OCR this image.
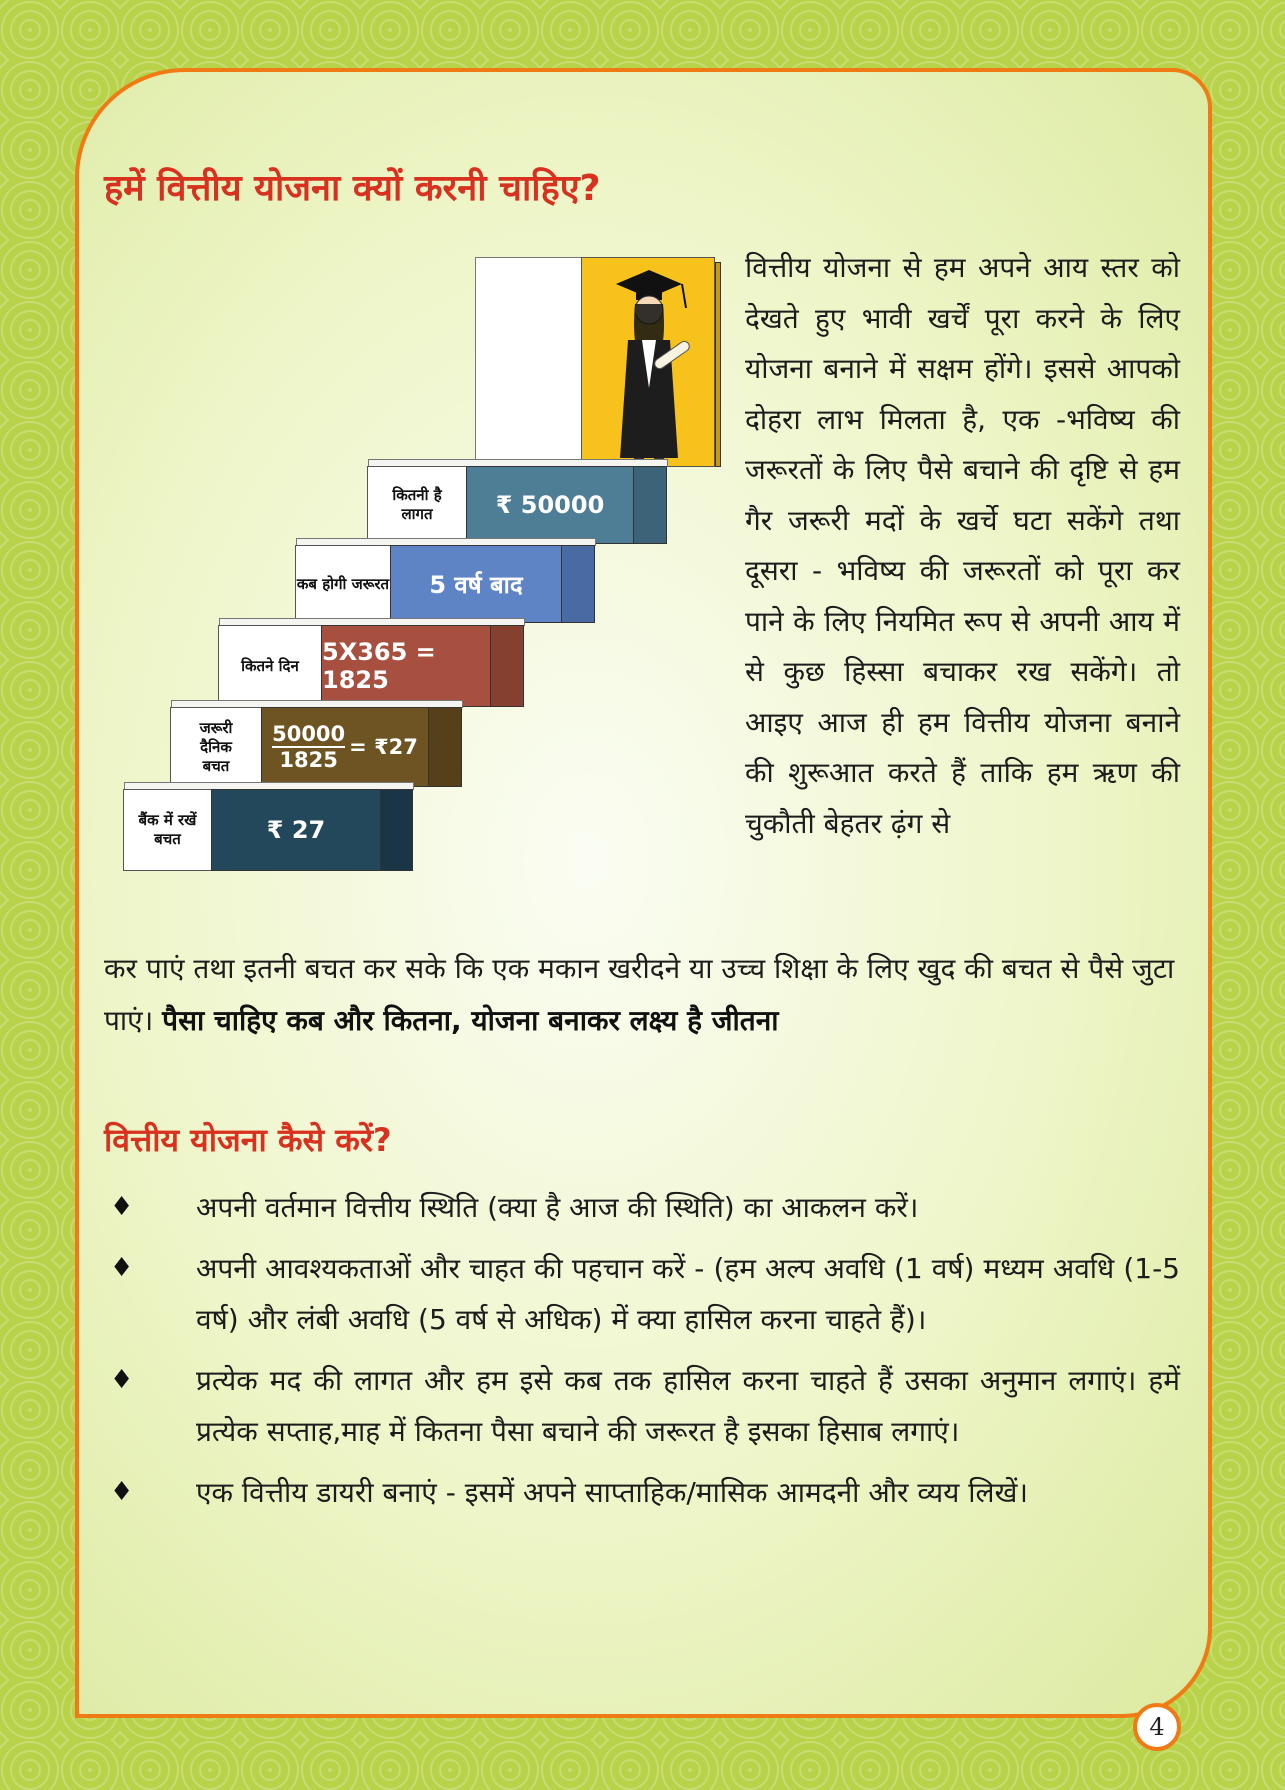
हमें वित्तीय योजना क्यों करनी चाहिए?
कितनी है लागत	₹ 50000
कब होगी जरूरत	5 वर्ष बाद
कितने दिन 5X365 = 1825
जरूरी दैनिक बचत	$\frac{50000}{1825}$ = ₹27
बैंक में रखें बचत	₹ 27

वित्तीय योजना से हम अपने आय स्तर को देखते हुए भावी खर्चें पूरा करने के लिए योजना बनाने में सक्षम होंगे। इससे आपको दोहरा लाभ मिलता है, एक -भविष्य की जरूरतों के लिए पैसे बचाने की दृष्टि से हम गैर जरूरी मदों के खर्चे घटा सकेंगे तथा दूसरा - भविष्य की जरूरतों को पूरा कर पाने के लिए नियमित रूप से अपनी आय में से कुछ हिस्सा बचाकर रख सकेंगे। तो आइए आज ही हम वित्तीय योजना बनाने की शुरूआत करते हैं ताकि हम ऋण की चुकौती बेहतर ढ़ंग से

कर पाएं तथा इतनी बचत कर सके कि एक मकान खरीदने या उच्च शिक्षा के लिए खुद की बचत से पैसे जुटा पाएं। पैसा चाहिए कब और कितना, योजना बनाकर लक्ष्य है जीतना

वित्तीय योजना कैसे करें?
♦ अपनी वर्तमान वित्तीय स्थिति (क्या है आज की स्थिति) का आकलन करें।
♦ अपनी आवश्यकताओं और चाहत की पहचान करें - (हम अल्प अवधि (1 वर्ष) मध्यम अवधि (1-5 वर्ष) और लंबी अवधि (5 वर्ष से अधिक) में क्या हासिल करना चाहते हैं)।
♦ प्रत्येक मद की लागत और हम इसे कब तक हासिल करना चाहते हैं उसका अनुमान लगाएं। हमें प्रत्येक सप्ताह,माह में कितना पैसा बचाने की जरूरत है इसका हिसाब लगाएं।
♦ एक वित्तीय डायरी बनाएं - इसमें अपने साप्ताहिक/मासिक आमदनी और व्यय लिखें।
4
